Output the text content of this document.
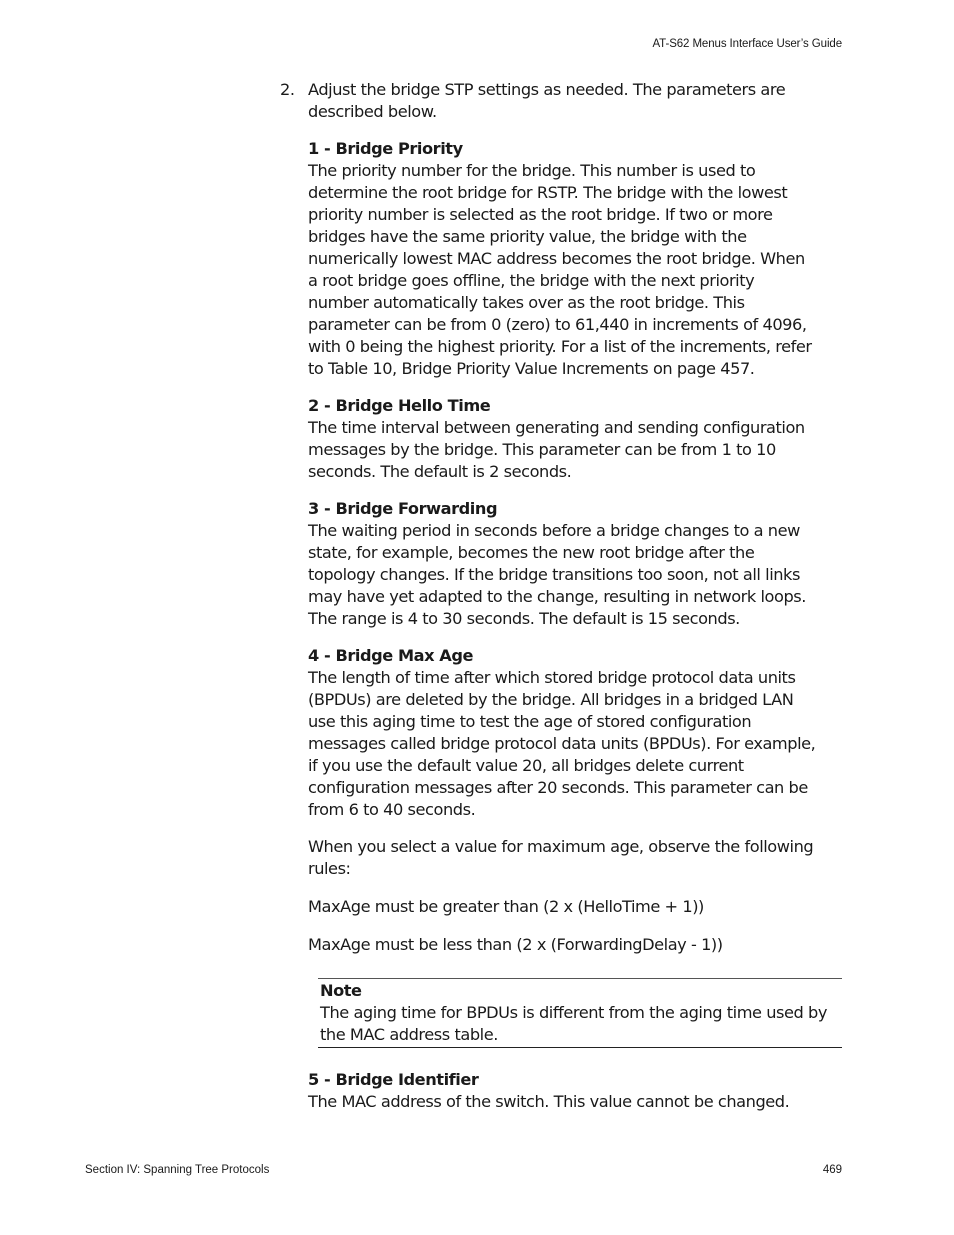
AT-S62 Menus Interface User’s Guide
2. Adjust the bridge STP settings as needed. The parameters are described below.
1 - Bridge Priority
The priority number for the bridge. This number is used to determine the root bridge for RSTP. The bridge with the lowest priority number is selected as the root bridge. If two or more bridges have the same priority value, the bridge with the numerically lowest MAC address becomes the root bridge. When a root bridge goes offline, the bridge with the next priority number automatically takes over as the root bridge. This parameter can be from 0 (zero) to 61,440 in increments of 4096, with 0 being the highest priority. For a list of the increments, refer to Table 10, Bridge Priority Value Increments on page 457.
2 - Bridge Hello Time
The time interval between generating and sending configuration messages by the bridge. This parameter can be from 1 to 10 seconds. The default is 2 seconds.
3 - Bridge Forwarding
The waiting period in seconds before a bridge changes to a new state, for example, becomes the new root bridge after the topology changes. If the bridge transitions too soon, not all links may have yet adapted to the change, resulting in network loops. The range is 4 to 30 seconds. The default is 15 seconds.
4 - Bridge Max Age
The length of time after which stored bridge protocol data units (BPDUs) are deleted by the bridge. All bridges in a bridged LAN use this aging time to test the age of stored configuration messages called bridge protocol data units (BPDUs). For example, if you use the default value 20, all bridges delete current configuration messages after 20 seconds. This parameter can be from 6 to 40 seconds.

When you select a value for maximum age, observe the following rules:

MaxAge must be greater than (2 x (HelloTime + 1))

MaxAge must be less than (2 x (ForwardingDelay - 1))

Note
The aging time for BPDUs is different from the aging time used by the MAC address table.
5 - Bridge Identifier
The MAC address of the switch. This value cannot be changed.
Section IV: Spanning Tree Protocols	469
